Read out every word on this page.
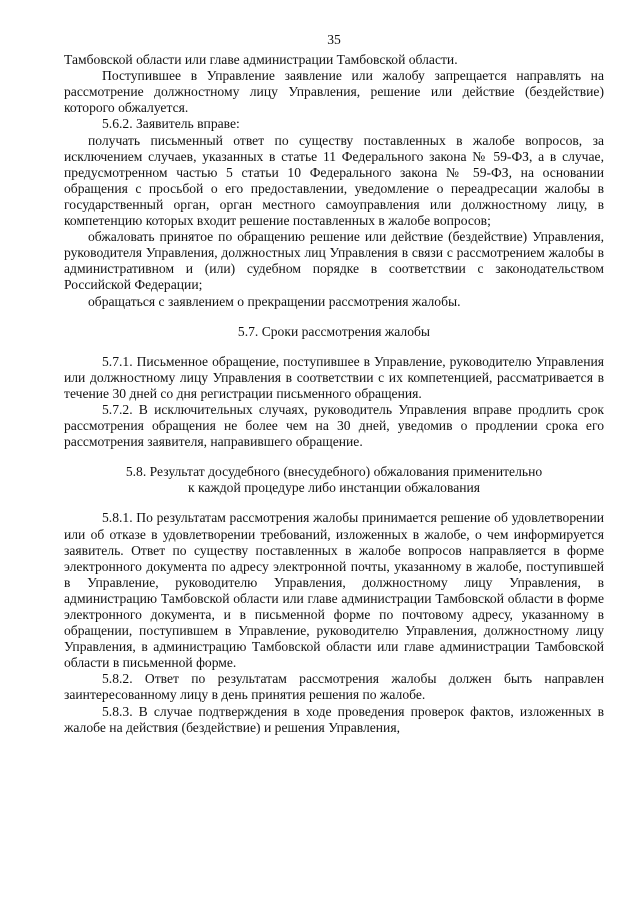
35

Тамбовской области или главе администрации Тамбовской области.

Поступившее в Управление заявление или жалобу запрещается направлять на рассмотрение должностному лицу Управления, решение или действие (бездействие) которого обжалуется.

5.6.2. Заявитель вправе:

получать письменный ответ по существу поставленных в жалобе вопросов, за исключением случаев, указанных в статье 11 Федерального закона № 59-ФЗ, а в случае, предусмотренном частью 5 статьи 10 Федерального закона № 59-ФЗ, на основании обращения с просьбой о его предоставлении, уведомление о переадресации жалобы в государственный орган, орган местного самоуправления или должностному лицу, в компетенцию которых входит решение поставленных в жалобе вопросов;

обжаловать принятое по обращению решение или действие (бездействие) Управления, руководителя Управления, должностных лиц Управления в связи с рассмотрением жалобы в административном и (или) судебном порядке в соответствии с законодательством Российской Федерации;

обращаться с заявлением о прекращении рассмотрения жалобы.

5.7. Сроки рассмотрения жалобы

5.7.1. Письменное обращение, поступившее в Управление, руководителю Управления или должностному лицу Управления в соответствии с их компетенцией, рассматривается в течение 30 дней со дня регистрации письменного обращения.

5.7.2. В исключительных случаях, руководитель Управления вправе продлить срок рассмотрения обращения не более чем на 30 дней, уведомив о продлении срока его рассмотрения заявителя, направившего обращение.

5.8. Результат досудебного (внесудебного) обжалования применительно

к каждой процедуре либо инстанции обжалования

5.8.1. По результатам рассмотрения жалобы принимается решение об удовлетворении или об отказе в удовлетворении требований, изложенных в жалобе, о чем информируется заявитель. Ответ по существу поставленных в жалобе вопросов направляется в форме электронного документа по адресу электронной почты, указанному в жалобе, поступившей в Управление, руководителю Управления, должностному лицу Управления, в администрацию Тамбовской области или главе администрации Тамбовской области в форме электронного документа, и в письменной форме по почтовому адресу, указанному в обращении, поступившем в Управление, руководителю Управления, должностному лицу Управления, в администрацию Тамбовской области или главе администрации Тамбовской области в письменной форме.

5.8.2. Ответ по результатам рассмотрения жалобы должен быть направлен заинтересованному лицу в день принятия решения по жалобе.

5.8.3. В случае подтверждения в ходе проведения проверок фактов, изложенных в жалобе на действия (бездействие) и решения Управления,
